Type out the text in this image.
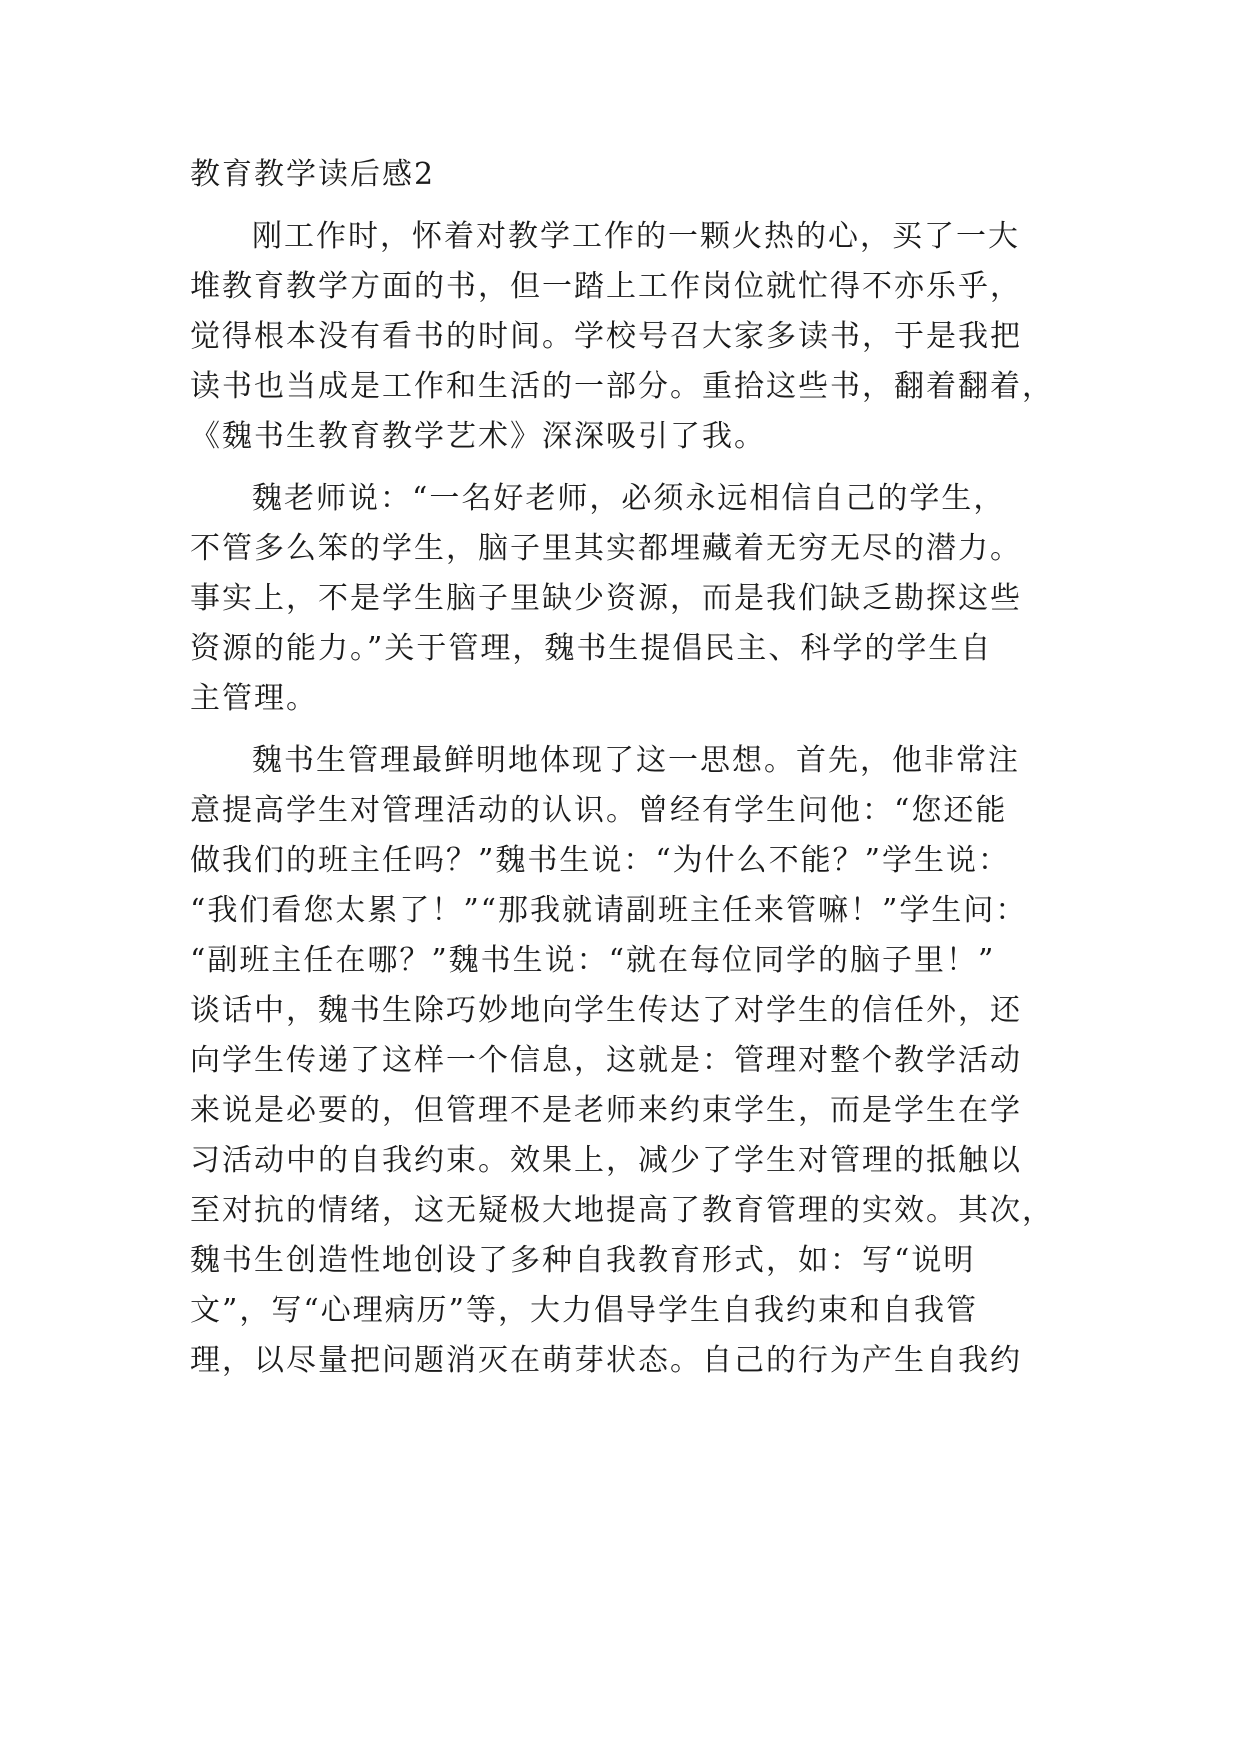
教育教学读后感2

刚工作时，怀着对教学工作的一颗火热的心，买了一大
堆教育教学方面的书，但一踏上工作岗位就忙得不亦乐乎，
觉得根本没有看书的时间。学校号召大家多读书，于是我把
读书也当成是工作和生活的一部分。重拾这些书，翻着翻着，
《魏书生教育教学艺术》深深吸引了我。

魏老师说：“一名好老师，必须永远相信自己的学生，
不管多么笨的学生，脑子里其实都埋藏着无穷无尽的潜力。
事实上，不是学生脑子里缺少资源，而是我们缺乏勘探这些
资源的能力。”关于管理，魏书生提倡民主、科学的学生自
主管理。

魏书生管理最鲜明地体现了这一思想。首先，他非常注
意提高学生对管理活动的认识。曾经有学生问他：“您还能
做我们的班主任吗？”魏书生说：“为什么不能？”学生说：
“我们看您太累了！”“那我就请副班主任来管嘛！”学生问：
“副班主任在哪？”魏书生说：“就在每位同学的脑子里！”
谈话中，魏书生除巧妙地向学生传达了对学生的信任外，还
向学生传递了这样一个信息，这就是：管理对整个教学活动
来说是必要的，但管理不是老师来约束学生，而是学生在学
习活动中的自我约束。效果上，减少了学生对管理的抵触以
至对抗的情绪，这无疑极大地提高了教育管理的实效。其次，
魏书生创造性地创设了多种自我教育形式，如：写“说明
文”，写“心理病历”等，大力倡导学生自我约束和自我管
理，以尽量把问题消灭在萌芽状态。自己的行为产生自我约
